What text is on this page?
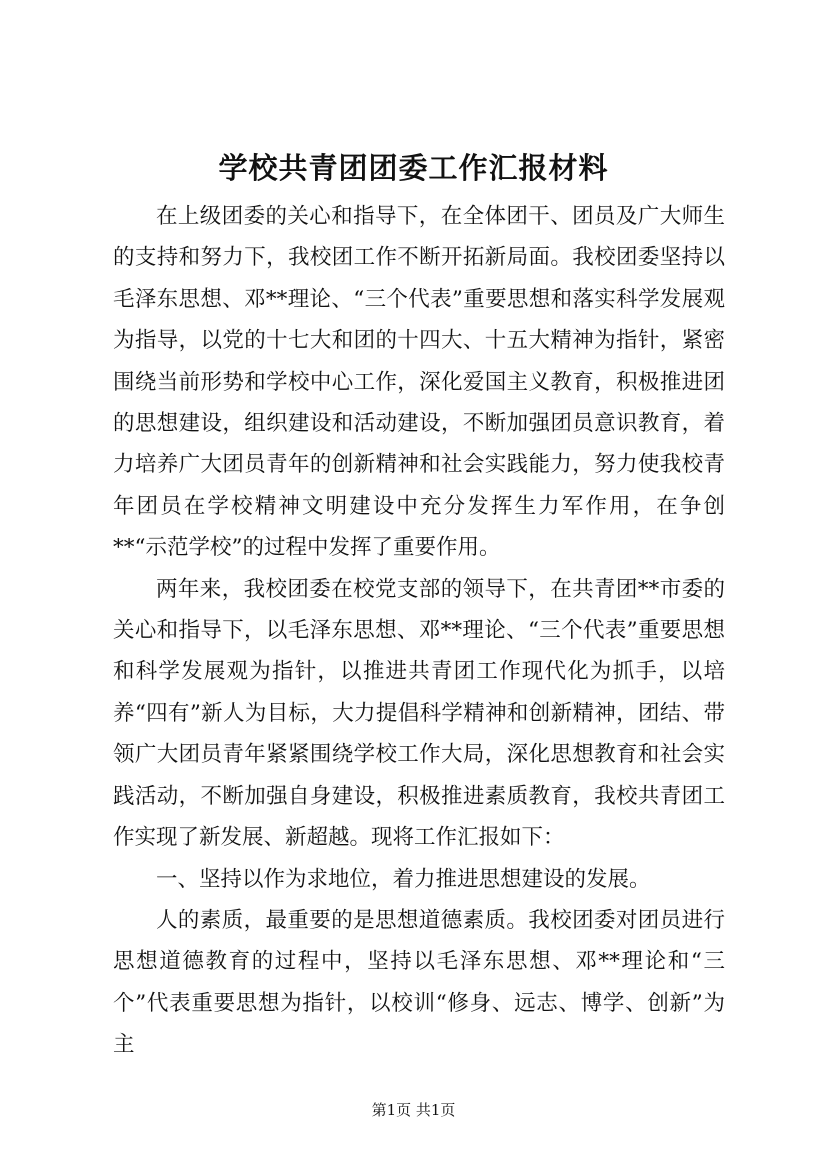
学校共青团团委工作汇报材料

在上级团委的关心和指导下，在全体团干、团员及广大师生的支持和努力下，我校团工作不断开拓新局面。我校团委坚持以毛泽东思想、邓**理论、“三个代表”重要思想和落实科学发展观为指导，以党的十七大和团的十四大、十五大精神为指针，紧密围绕当前形势和学校中心工作，深化爱国主义教育，积极推进团的思想建设，组织建设和活动建设，不断加强团员意识教育，着力培养广大团员青年的创新精神和社会实践能力，努力使我校青年团员在学校精神文明建设中充分发挥生力军作用，在争创**“示范学校”的过程中发挥了重要作用。

两年来，我校团委在校党支部的领导下，在共青团**市委的关心和指导下，以毛泽东思想、邓**理论、“三个代表”重要思想和科学发展观为指针，以推进共青团工作现代化为抓手，以培养“四有”新人为目标，大力提倡科学精神和创新精神，团结、带领广大团员青年紧紧围绕学校工作大局，深化思想教育和社会实践活动，不断加强自身建设，积极推进素质教育，我校共青团工作实现了新发展、新超越。现将工作汇报如下：

一、坚持以作为求地位，着力推进思想建设的发展。

人的素质，最重要的是思想道德素质。我校团委对团员进行思想道德教育的过程中，坚持以毛泽东思想、邓**理论和“三个”代表重要思想为指针，以校训“修身、远志、博学、创新”为主

第1页 共1页
